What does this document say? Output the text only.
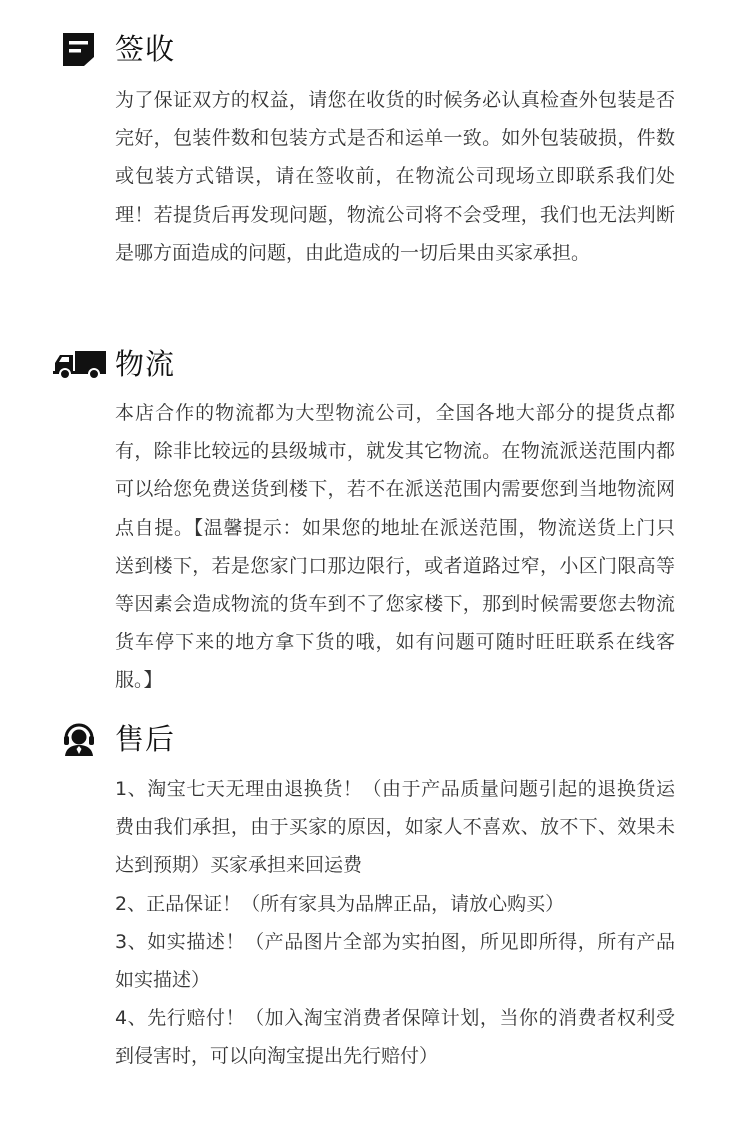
签收

为了保证双方的权益，请您在收货的时候务必认真检查外包装是否完好，包装件数和包装方式是否和运单一致。如外包装破损，件数或包装方式错误，请在签收前，在物流公司现场立即联系我们处理！若提货后再发现问题，物流公司将不会受理，我们也无法判断是哪方面造成的问题，由此造成的一切后果由买家承担。

物流

本店合作的物流都为大型物流公司，全国各地大部分的提货点都有，除非比较远的县级城市，就发其它物流。在物流派送范围内都可以给您免费送货到楼下，若不在派送范围内需要您到当地物流网点自提。【温馨提示：如果您的地址在派送范围，物流送货上门只送到楼下，若是您家门口那边限行，或者道路过窄，小区门限高等等因素会造成物流的货车到不了您家楼下，那到时候需要您去物流货车停下来的地方拿下货的哦，如有问题可随时旺旺联系在线客服。】

售后

1、淘宝七天无理由退换货！（由于产品质量问题引起的退换货运费由我们承担，由于买家的原因，如家人不喜欢、放不下、效果未达到预期）买家承担来回运费

2、正品保证！（所有家具为品牌正品，请放心购买）

3、如实描述！（产品图片全部为实拍图，所见即所得，所有产品如实描述）

4、先行赔付！（加入淘宝消费者保障计划，当你的消费者权利受到侵害时，可以向淘宝提出先行赔付）
